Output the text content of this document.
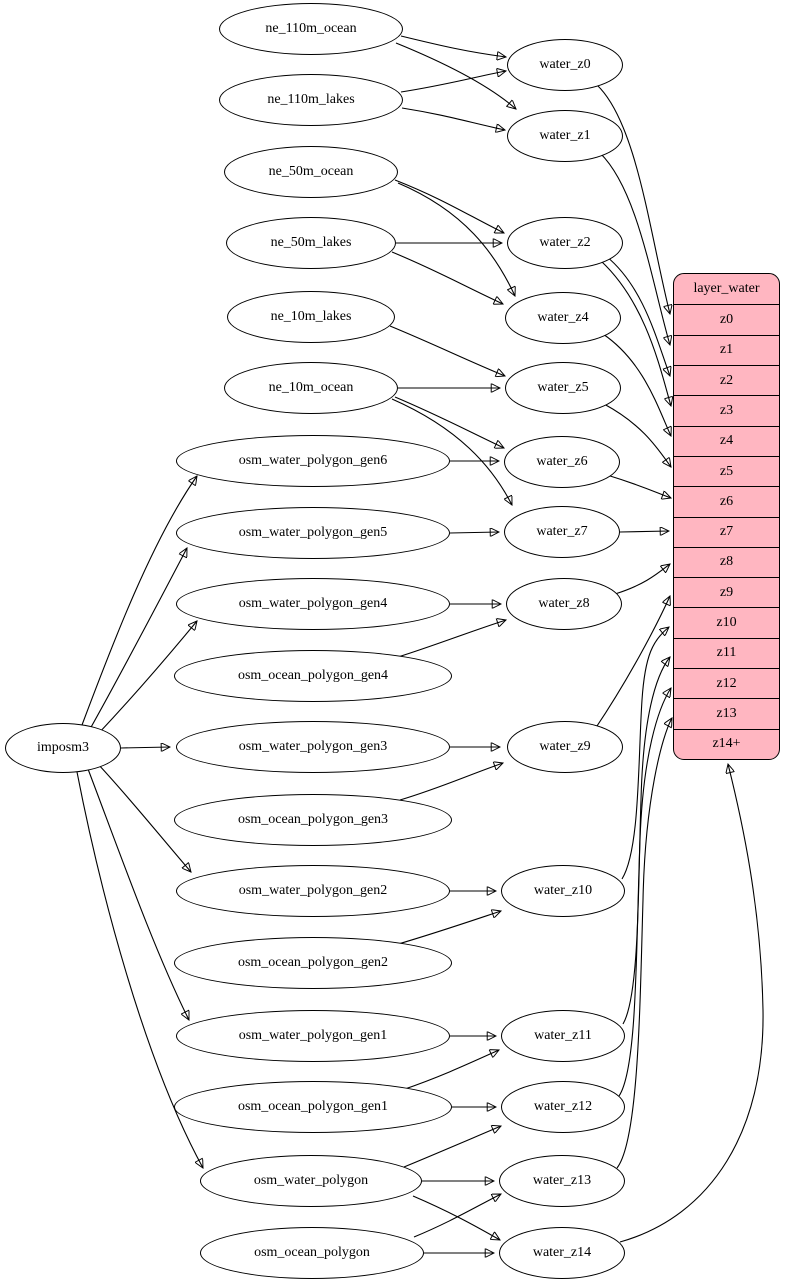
ne_110m_ocean
ne_110m_lakes
ne_50m_ocean
ne_50m_lakes
ne_10m_lakes
ne_10m_ocean
osm_water_polygon_gen6
osm_water_polygon_gen5
osm_water_polygon_gen4
osm_ocean_polygon_gen4
osm_water_polygon_gen3
osm_ocean_polygon_gen3
osm_water_polygon_gen2
osm_ocean_polygon_gen2
osm_water_polygon_gen1
osm_ocean_polygon_gen1
osm_water_polygon
osm_ocean_polygon
imposm3
water_z0
water_z1
water_z2
water_z4
water_z5
water_z6
water_z7
water_z8
water_z9
water_z10
water_z11
water_z12
water_z13
water_z14
layer_water
z0
z1
z2
z3
z4
z5
z6
z7
z8
z9
z10
z11
z12
z13
z14+
